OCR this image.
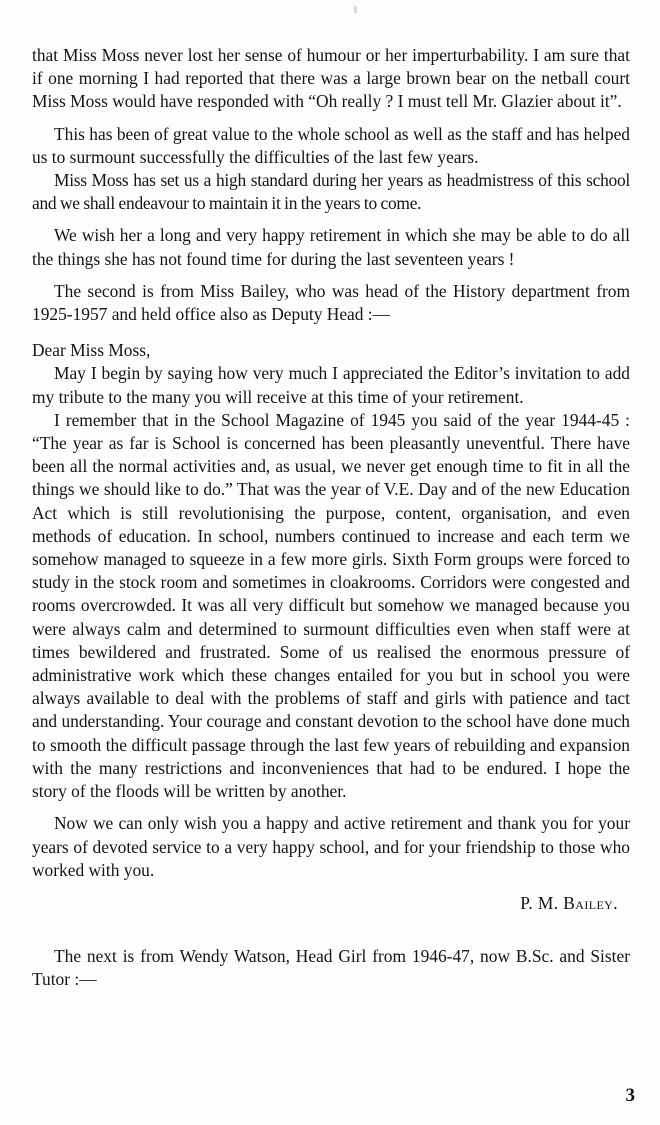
that Miss Moss never lost her sense of humour or her imperturbability. I am sure that if one morning I had reported that there was a large brown bear on the netball court Miss Moss would have responded with “Oh really ? I must tell Mr. Glazier about it”.

This has been of great value to the whole school as well as the staff and has helped us to surmount successfully the difficulties of the last few years.

Miss Moss has set us a high standard during her years as headmistress of this school and we shall endeavour to maintain it in the years to come.

We wish her a long and very happy retirement in which she may be able to do all the things she has not found time for during the last seventeen years !

The second is from Miss Bailey, who was head of the History department from 1925-1957 and held office also as Deputy Head :—

Dear Miss Moss,

May I begin by saying how very much I appreciated the Editor’s invitation to add my tribute to the many you will receive at this time of your retirement.

I remember that in the School Magazine of 1945 you said of the year 1944-45 : “The year as far is School is concerned has been pleasantly uneventful. There have been all the normal activities and, as usual, we never get enough time to fit in all the things we should like to do.” That was the year of V.E. Day and of the new Education Act which is still revolutionising the purpose, content, organisation, and even methods of education. In school, numbers continued to increase and each term we somehow managed to squeeze in a few more girls. Sixth Form groups were forced to study in the stock room and sometimes in cloakrooms. Corridors were congested and rooms overcrowded. It was all very difficult but somehow we managed because you were always calm and determined to surmount difficulties even when staff were at times bewildered and frustrated. Some of us realised the enormous pressure of administrative work which these changes entailed for you but in school you were always available to deal with the problems of staff and girls with patience and tact and understanding. Your courage and constant devotion to the school have done much to smooth the difficult passage through the last few years of rebuilding and expansion with the many restrictions and inconveniences that had to be endured. I hope the story of the floods will be written by another.

Now we can only wish you a happy and active retirement and thank you for your years of devoted service to a very happy school, and for your friendship to those who worked with you.

P. M. Bailey.

The next is from Wendy Watson, Head Girl from 1946-47, now B.Sc. and Sister Tutor :—

3
